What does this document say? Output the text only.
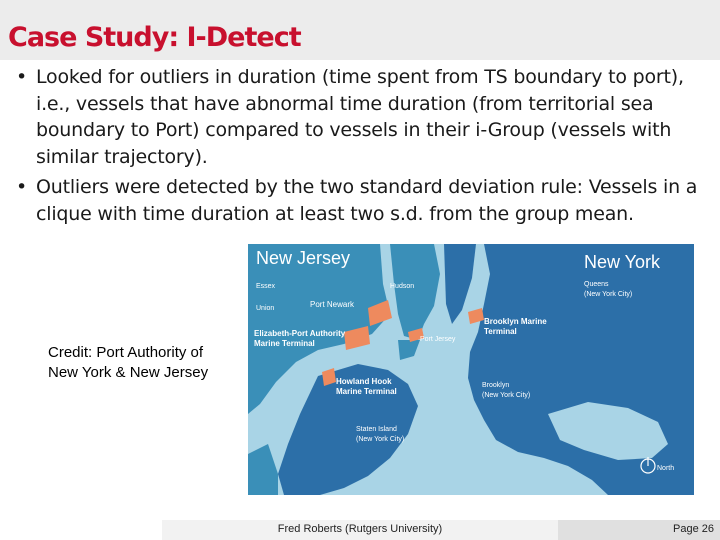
Case Study: I-Detect
• Looked for outliers in duration (time spent from TS boundary to port), i.e., vessels that have abnormal time duration (from territorial sea boundary to Port) compared to vessels in their i-Group (vessels with similar trajectory).
• Outliers were detected by the two standard deviation rule: Vessels in a clique with time duration at least two s.d. from the group mean.
Credit: Port Authority of
New York & New Jersey
New Jersey	New York
Essex	Hudson
Union	Port Newark
Elizabeth-Port Authority
Marine Terminal	Port Jersey
Brooklyn Marine
Terminal
Queens
(New York City)
Howland Hook
Marine Terminal
Brooklyn
(New York City)
Staten Island
(New York City)
North
Fred Roberts (Rutgers University)	Page 26
